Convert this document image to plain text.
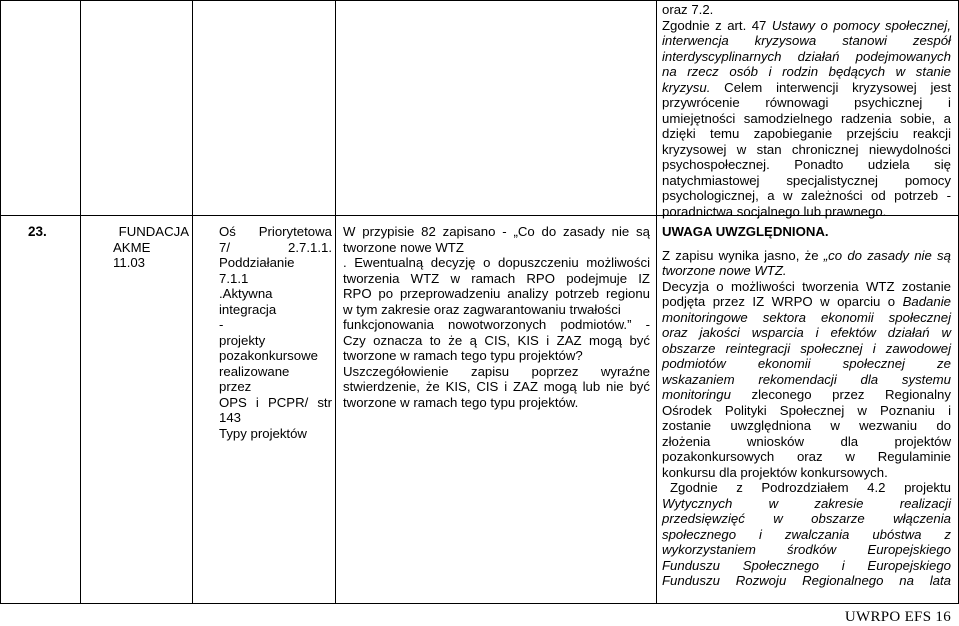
23.	FUNDACJA
AKME
11.03
Oś Priorytetowa
7/ 2.7.1.1.
Poddziałanie
7.1.1
.Aktywna
integracja
-
projekty
pozakonkursowe
realizowane
przez
OPS i PCPR/ str
143
Typy projektów
W przypisie 82 zapisano - „Co do zasady nie są
tworzone nowe WTZ
. Ewentualną decyzję o dopuszczeniu możliwości
tworzenia WTZ w ramach RPO podejmuje IZ
RPO po przeprowadzeniu analizy potrzeb regionu
w tym zakresie oraz zagwarantowaniu trwałości
funkcjonowania nowotworzonych podmiotów.” -
Czy oznacza to że ą CIS, KIS i ZAZ mogą być
tworzone w ramach tego typu projektów?
Uszczegółowienie zapisu poprzez wyraźne
stwierdzenie, że KIS, CIS i ZAZ mogą lub nie być
tworzone w ramach tego typu projektów.
oraz 7.2.
Zgodnie z art. 47 Ustawy o pomocy społecznej,
interwencja kryzysowa stanowi zespół
interdyscyplinarnych działań podejmowanych
na rzecz osób i rodzin będących w stanie
kryzysu. Celem interwencji kryzysowej jest
przywrócenie równowagi psychicznej i
umiejętności samodzielnego radzenia sobie, a
dzięki temu zapobieganie przejściu reakcji
kryzysowej w stan chronicznej niewydolności
psychospołecznej. Ponadto udziela się
natychmiastowej specjalistycznej pomocy
psychologicznej, a w zależności od potrzeb -
poradnictwa socjalnego lub prawnego.
UWAGA UWZGLĘDNIONA.
Z zapisu wynika jasno, że „co do zasady nie są
tworzone nowe WTZ.
Decyzja o możliwości tworzenia WTZ zostanie
podjęta przez IZ WRPO w oparciu o Badanie
monitoringowe sektora ekonomii społecznej
oraz jakości wsparcia i efektów działań w
obszarze reintegracji społecznej i zawodowej
podmiotów ekonomii społecznej ze
wskazaniem rekomendacji dla systemu
monitoringu zleconego przez Regionalny
Ośrodek Polityki Społecznej w Poznaniu i
zostanie uwzględniona w wezwaniu do
złożenia wniosków dla projektów
pozakonkursowych oraz w Regulaminie
konkursu dla projektów konkursowych.
Zgodnie z Podrozdziałem 4.2 projektu
Wytycznych w zakresie realizacji
przedsięwzięć w obszarze włączenia
społecznego i zwalczania ubóstwa z
wykorzystaniem środków Europejskiego
Funduszu Społecznego i Europejskiego
Funduszu Rozwoju Regionalnego na lata
UWRPO EFS 16
